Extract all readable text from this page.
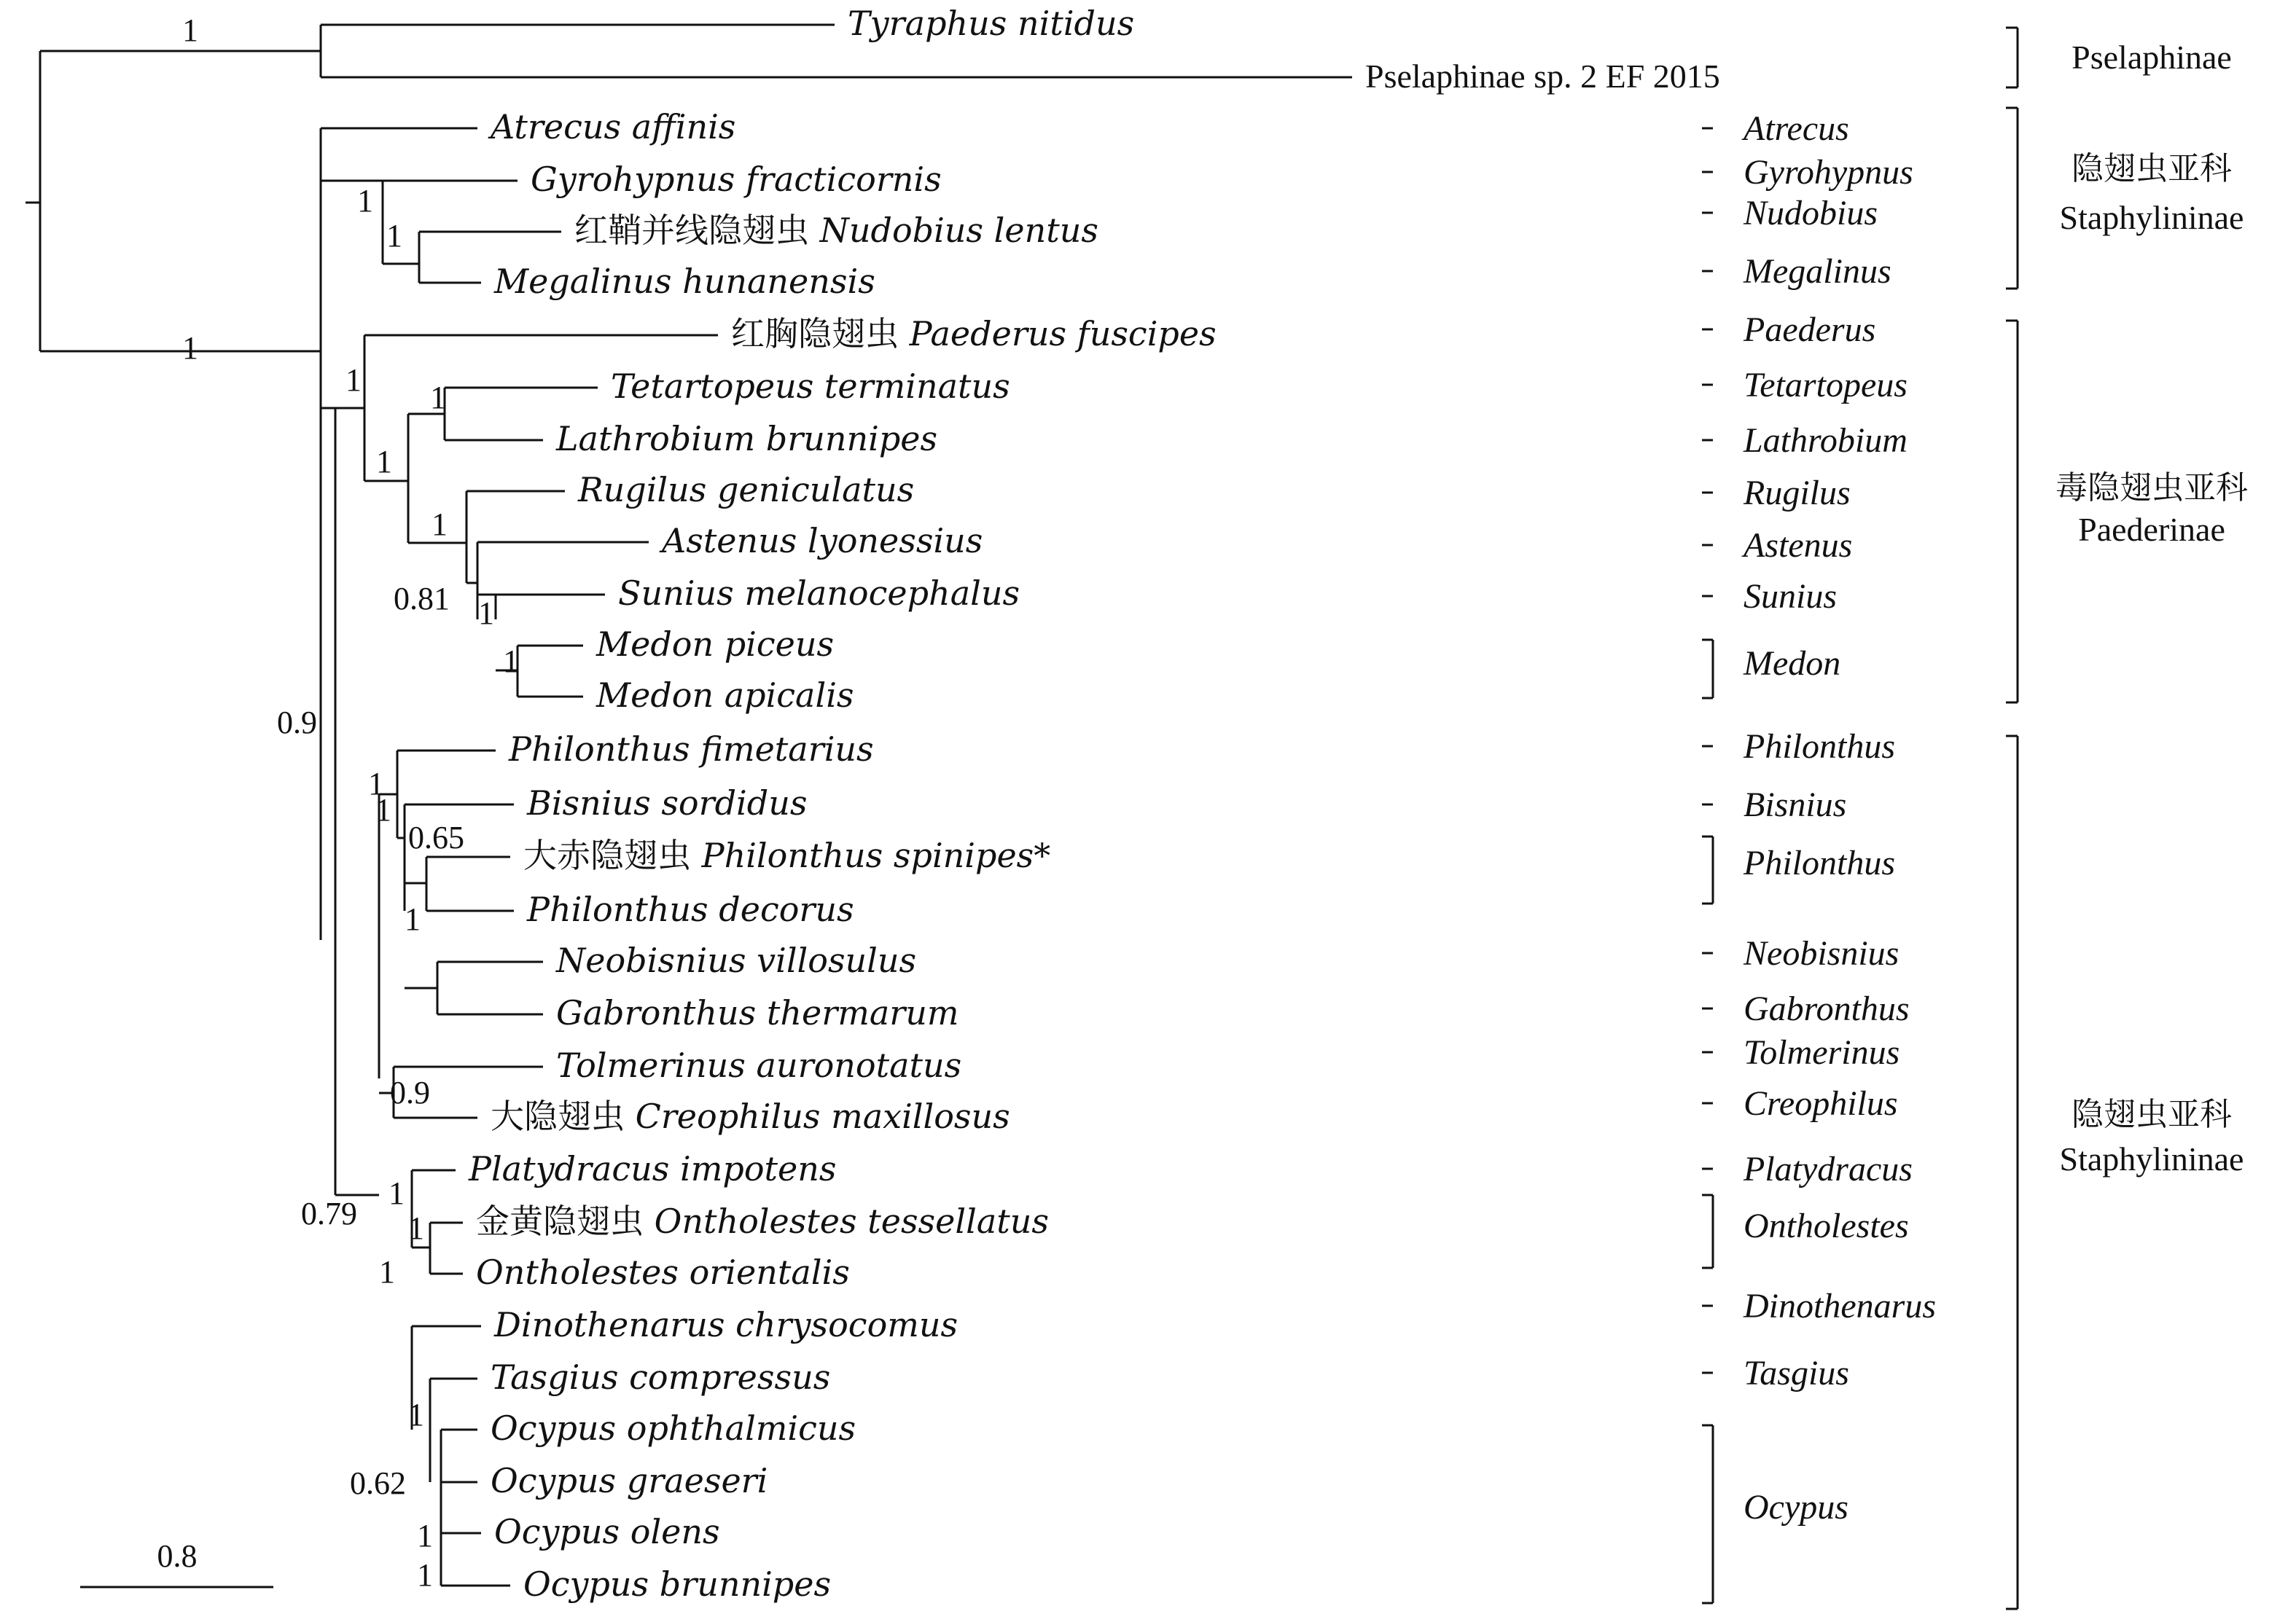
Tyraphus nitidus
Pselaphinae sp. 2 EF 2015
Atrecus affinis
Gyrohypnus fracticornis
红鞘并线隐翅虫 Nudobius lentus
Megalinus hunanensis
红胸隐翅虫 Paederus fuscipes
Tetartopeus terminatus
Lathrobium brunnipes
Rugilus geniculatus
Astenus lyonessius
Sunius melanocephalus
Medon piceus
Medon apicalis
Philonthus fimetarius
Bisnius sordidus
大赤隐翅虫 Philonthus spinipes*
Philonthus decorus
Neobisnius villosulus
Gabronthus thermarum
Tolmerinus auronotatus
大隐翅虫 Creophilus maxillosus
Platydracus impotens
金黄隐翅虫 Ontholestes tessellatus
Ontholestes orientalis
Dinothenarus chrysocomus
Tasgius compressus
Ocypus ophthalmicus
Ocypus graeseri
Ocypus olens
Ocypus brunnipes
1
1
1
1
1 1
1
1
0.81 1
1
0.9
1
1
0.65
1
0.9
0.79
1
1
1
1
0.62
1
1
Atrecus
Gyrohypnus
Nudobius
Megalinus
Paederus
Tetartopeus
Lathrobium
Rugilus
Astenus
Sunius
Medon
Philonthus
Bisnius
Philonthus
Neobisnius
Gabronthus
Tolmerinus
Creophilus
Platydracus
Ontholestes
Dinothenarus
Tasgius
Ocypus
Pselaphinae
隐翅虫亚科
Staphylininae
毒隐翅虫亚科
Paederinae
隐翅虫亚科
Staphylininae
0.8
